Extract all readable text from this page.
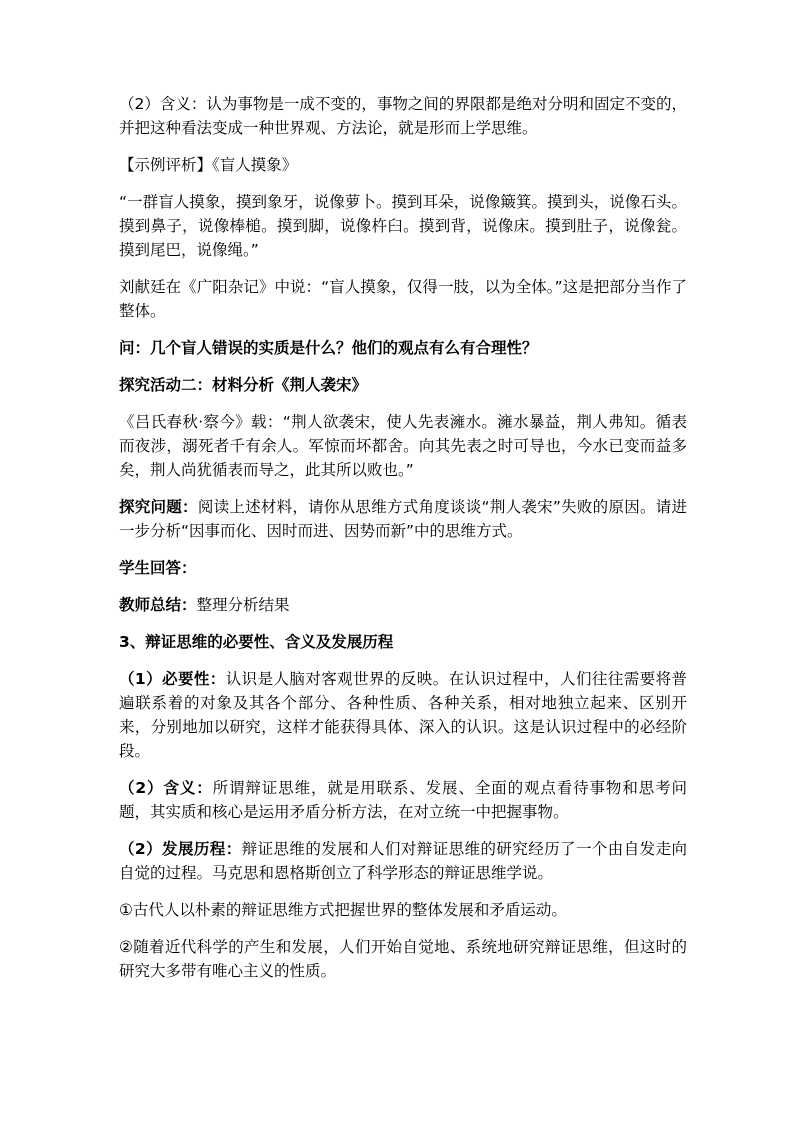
（2）含义：认为事物是一成不变的，事物之间的界限都是绝对分明和固定不变的，并把这种看法变成一种世界观、方法论，就是形而上学思维。

【示例评析】《盲人摸象》

“一群盲人摸象，摸到象牙，说像萝卜。摸到耳朵，说像簸箕。摸到头，说像石头。摸到鼻子，说像棒槌。摸到脚，说像杵臼。摸到背，说像床。摸到肚子，说像瓮。摸到尾巴，说像绳。”

刘献廷在《广阳杂记》中说：“盲人摸象，仅得一肢，以为全体。”这是把部分当作了整体。

问：几个盲人错误的实质是什么？他们的观点有么有合理性？

探究活动二：材料分析《荆人袭宋》

《吕氏春秋·察今》载：“荆人欲袭宋，使人先表澭水。澭水暴益，荆人弗知。循表而夜涉，溺死者千有余人。军惊而坏都舍。向其先表之时可导也，今水已变而益多矣，荆人尚犹循表而导之，此其所以败也。”

探究问题：阅读上述材料，请你从思维方式角度谈谈“荆人袭宋”失败的原因。请进一步分析“因事而化、因时而进、因势而新”中的思维方式。

学生回答：

教师总结：整理分析结果

3、辩证思维的必要性、含义及发展历程

（1）必要性：认识是人脑对客观世界的反映。在认识过程中，人们往往需要将普遍联系着的对象及其各个部分、各种性质、各种关系，相对地独立起来、区别开来，分别地加以研究，这样才能获得具体、深入的认识。这是认识过程中的必经阶段。

（2）含义：所谓辩证思维，就是用联系、发展、全面的观点看待事物和思考问题，其实质和核心是运用矛盾分析方法，在对立统一中把握事物。

（2）发展历程：辩证思维的发展和人们对辩证思维的研究经历了一个由自发走向自觉的过程。马克思和恩格斯创立了科学形态的辩证思维学说。

①古代人以朴素的辩证思维方式把握世界的整体发展和矛盾运动。

②随着近代科学的产生和发展，人们开始自觉地、系统地研究辩证思维，但这时的研究大多带有唯心主义的性质。
